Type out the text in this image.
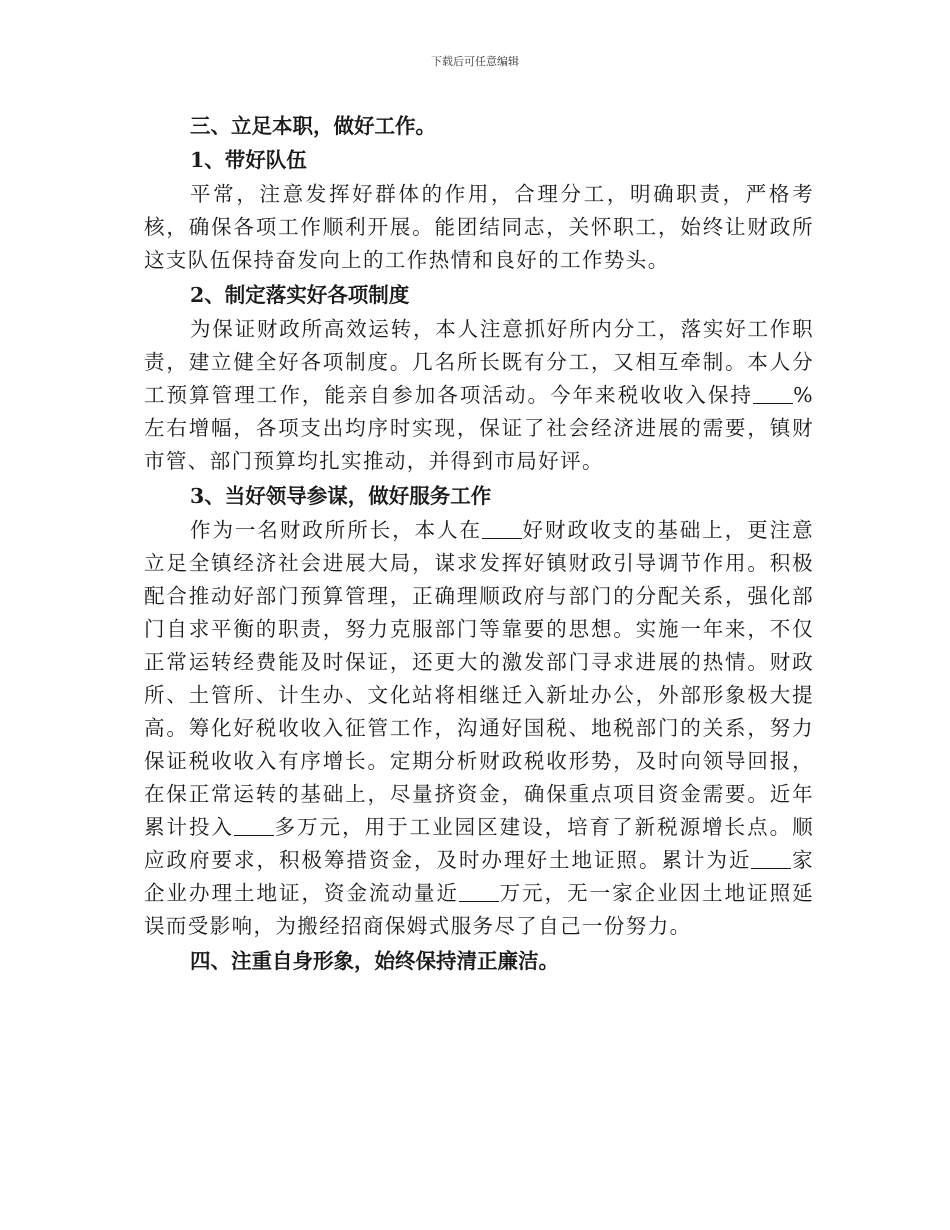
下载后可任意编辑
三、立足本职，做好工作。
1、带好队伍

平常，注意发挥好群体的作用，合理分工，明确职责，严格考核，确保各项工作顺利开展。能团结同志，关怀职工，始终让财政所这支队伍保持奋发向上的工作热情和良好的工作势头。

2、制定落实好各项制度

为保证财政所高效运转，本人注意抓好所内分工，落实好工作职责，建立健全好各项制度。几名所长既有分工，又相互牵制。本人分工预算管理工作，能亲自参加各项活动。今年来税收收入保持 %左右增幅，各项支出均序时实现，保证了社会经济进展的需要，镇财市管、部门预算均扎实推动，并得到市局好评。

3、当好领导参谋，做好服务工作

作为一名财政所所长，本人在 好财政收支的基础上，更注意立足全镇经济社会进展大局，谋求发挥好镇财政引导调节作用。积极配合推动好部门预算管理，正确理顺政府与部门的分配关系，强化部门自求平衡的职责，努力克服部门等靠要的思想。实施一年来，不仅正常运转经费能及时保证，还更大的激发部门寻求进展的热情。财政所、土管所、计生办、文化站将相继迁入新址办公，外部形象极大提高。筹化好税收收入征管工作，沟通好国税、地税部门的关系，努力保证税收收入有序增长。定期分析财政税收形势，及时向领导回报，在保正常运转的基础上，尽量挤资金，确保重点项目资金需要。近年累计投入 多万元，用于工业园区建设，培育了新税源增长点。顺应政府要求，积极筹措资金，及时办理好土地证照。累计为近 家企业办理土地证，资金流动量近 万元，无一家企业因土地证照延误而受影响，为搬经招商保姆式服务尽了自己一份努力。

四、注重自身形象，始终保持清正廉洁。
